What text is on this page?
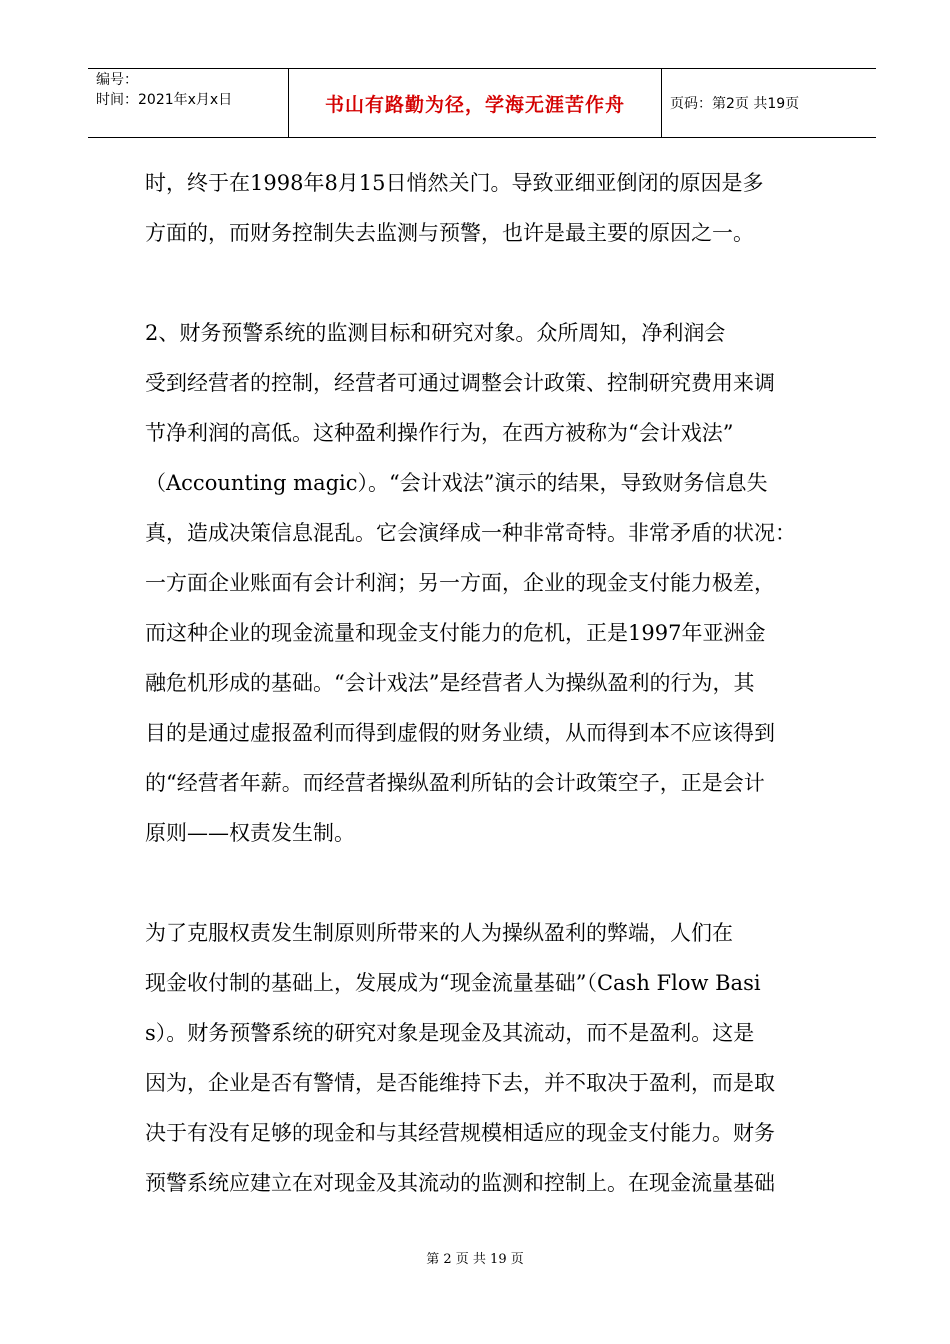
编号：
时间：2021年x月x日	书山有路勤为径，学海无涯苦作舟	页码：第2页 共19页
时，终于在1998年8月15日悄然关门。导致亚细亚倒闭的原因是多
方面的，而财务控制失去监测与预警，也许是最主要的原因之一。
2、财务预警系统的监测目标和研究对象。众所周知，净利润会
受到经营者的控制，经营者可通过调整会计政策、控制研究费用来调
节净利润的高低。这种盈利操作行为，在西方被称为“会计戏法”
（Accounting magic）。“会计戏法”演示的结果，导致财务信息失
真，造成决策信息混乱。它会演绎成一种非常奇特。非常矛盾的状况：
一方面企业账面有会计利润；另一方面，企业的现金支付能力极差，
而这种企业的现金流量和现金支付能力的危机，正是1997年亚洲金
融危机形成的基础。“会计戏法”是经营者人为操纵盈利的行为，其
目的是通过虚报盈利而得到虚假的财务业绩，从而得到本不应该得到
的“经营者年薪。而经营者操纵盈利所钻的会计政策空子，正是会计
原则——权责发生制。
为了克服权责发生制原则所带来的人为操纵盈利的弊端，人们在
现金收付制的基础上，发展成为“现金流量基础”（Cash Flow Basi
s）。财务预警系统的研究对象是现金及其流动，而不是盈利。这是
因为，企业是否有警情，是否能维持下去，并不取决于盈利，而是取
决于有没有足够的现金和与其经营规模相适应的现金支付能力。财务
预警系统应建立在对现金及其流动的监测和控制上。在现金流量基础
第 2 页 共 19 页
